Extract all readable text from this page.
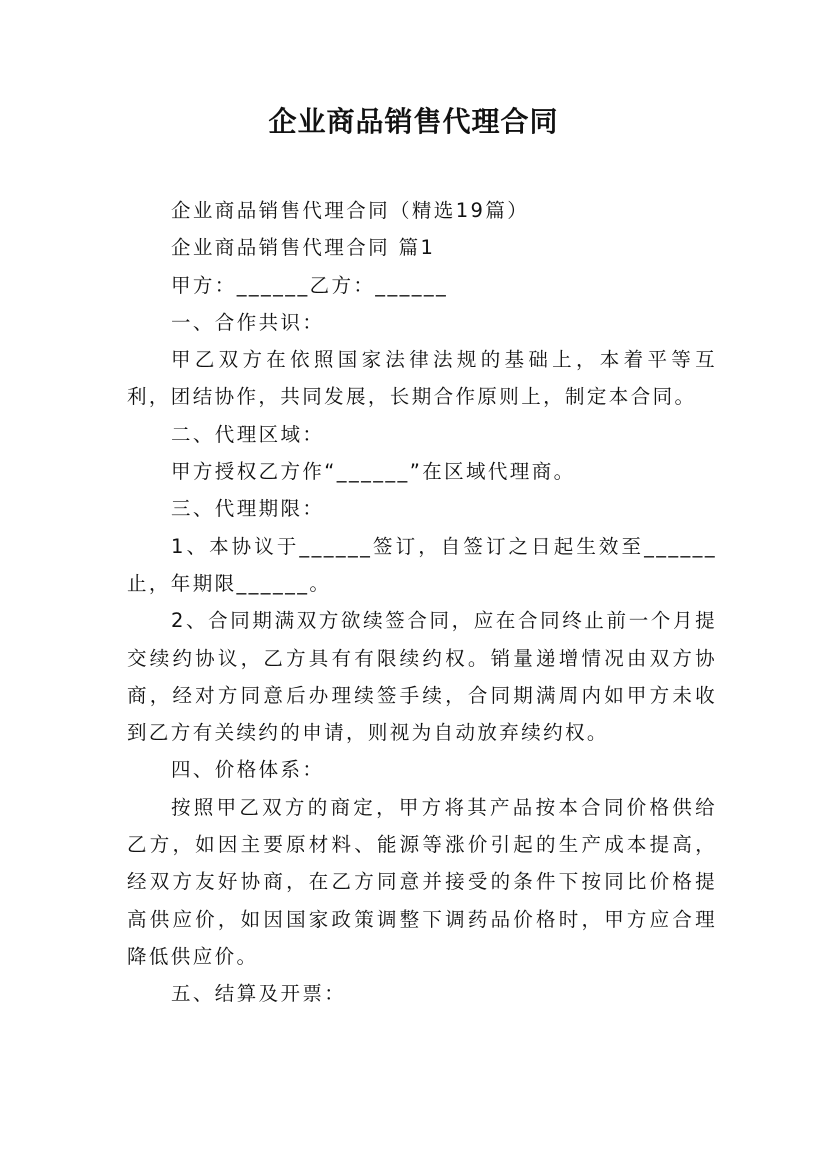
企业商品销售代理合同

企业商品销售代理合同（精选19篇）

企业商品销售代理合同 篇1

甲方：______乙方：______

一、合作共识：

甲乙双方在依照国家法律法规的基础上，本着平等互利，团结协作，共同发展，长期合作原则上，制定本合同。

二、代理区域：

甲方授权乙方作“______”在区域代理商。

三、代理期限：

1、本协议于______签订，自签订之日起生效至______止，年期限______。

2、合同期满双方欲续签合同，应在合同终止前一个月提交续约协议，乙方具有有限续约权。销量递增情况由双方协商，经对方同意后办理续签手续，合同期满周内如甲方未收到乙方有关续约的申请，则视为自动放弃续约权。

四、价格体系：

按照甲乙双方的商定，甲方将其产品按本合同价格供给乙方，如因主要原材料、能源等涨价引起的生产成本提高，经双方友好协商，在乙方同意并接受的条件下按同比价格提高供应价，如因国家政策调整下调药品价格时，甲方应合理降低供应价。

五、结算及开票：
